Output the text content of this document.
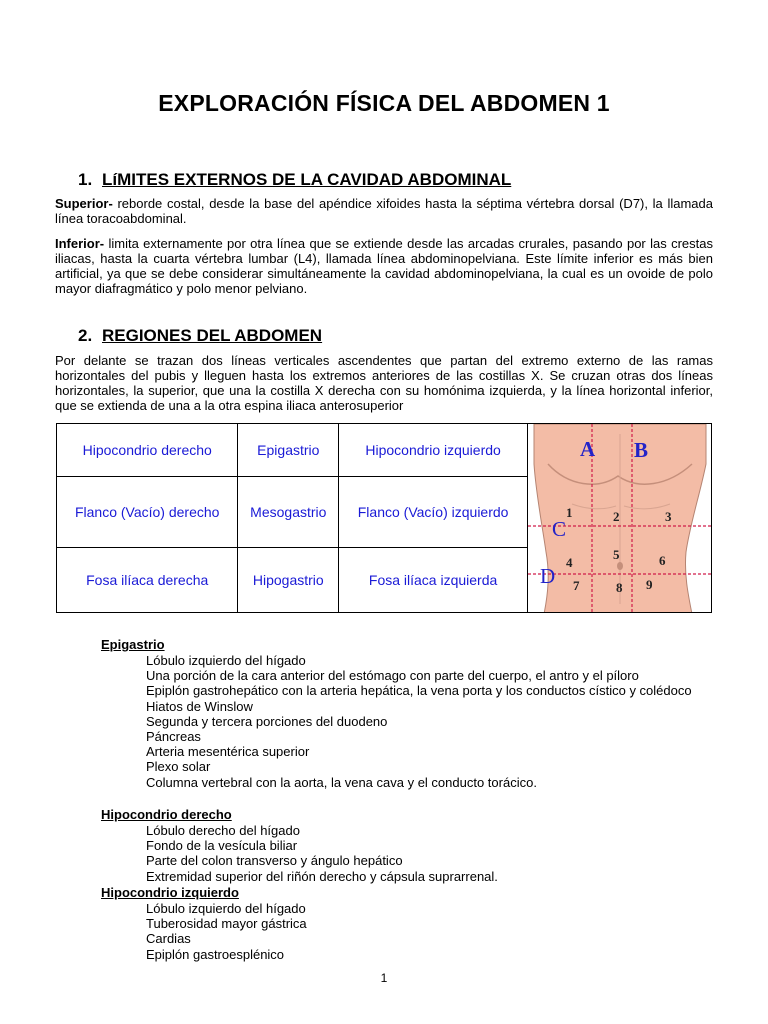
EXPLORACIÓN FÍSICA DEL ABDOMEN 1
1. LíMITES EXTERNOS DE LA CAVIDAD ABDOMINAL
Superior- reborde costal, desde la base del apéndice xifoides hasta la séptima vértebra dorsal (D7), la llamada línea toracoabdominal.
Inferior- limita externamente por otra línea que se extiende desde las arcadas crurales, pasando por las crestas iliacas, hasta la cuarta vértebra lumbar (L4), llamada línea abdominopelviana. Este límite inferior es más bien artificial, ya que se debe considerar simultáneamente la cavidad abdominopelviana, la cual es un ovoide de polo mayor diafragmático y polo menor pelviano.
2. REGIONES DEL ABDOMEN
Por delante se trazan dos líneas verticales ascendentes que partan del extremo externo de las ramas horizontales del pubis y lleguen hasta los extremos anteriores de las costillas X. Se cruzan otras dos líneas horizontales, la superior, que una la costilla X derecha con su homónima izquierda, y la línea horizontal inferior, que se extienda de una a la otra espina iliaca anterosuperior
Hipocondrio derecho	Epigastrio	Hipocondrio izquierdo
Flanco (Vacío) derecho	Mesogastrio	Flanco (Vacío) izquierdo
Fosa ilíaca derecha	Hipogastrio	Fosa ilíaca izquierda
A B
C
D
1	2	3
4
5	6
7	8 9
Epigastrio
Lóbulo izquierdo del hígado
Una porción de la cara anterior del estómago con parte del cuerpo, el antro y el píloro
Epiplón gastrohepático con la arteria hepática, la vena porta y los conductos cístico y colédoco
Hiatos de Winslow
Segunda y tercera porciones del duodeno
Páncreas
Arteria mesentérica superior
Plexo solar
Columna vertebral con la aorta, la vena cava y el conducto torácico.
Hipocondrio derecho
Lóbulo derecho del hígado
Fondo de la vesícula biliar
Parte del colon transverso y ángulo hepático
Extremidad superior del riñón derecho y cápsula suprarrenal.
Hipocondrio izquierdo
Lóbulo izquierdo del hígado
Tuberosidad mayor gástrica
Cardias
Epiplón gastroesplénico
1
